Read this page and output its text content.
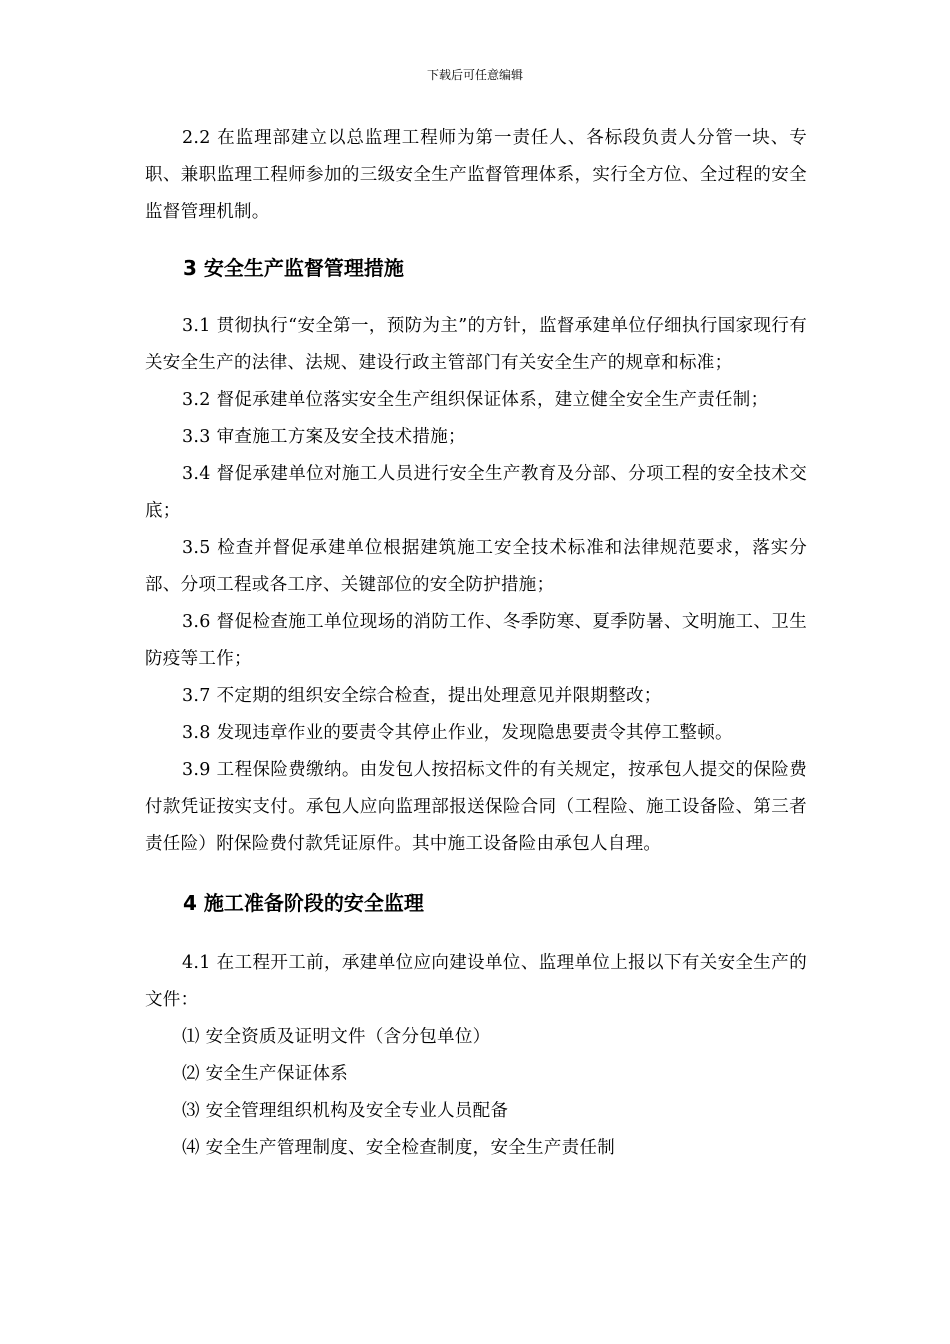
下载后可任意编辑

2.2 在监理部建立以总监理工程师为第一责任人、各标段负责人分管一块、专职、兼职监理工程师参加的三级安全生产监督管理体系，实行全方位、全过程的安全监督管理机制。

3 安全生产监督管理措施

3.1 贯彻执行“安全第一，预防为主”的方针，监督承建单位仔细执行国家现行有关安全生产的法律、法规、建设行政主管部门有关安全生产的规章和标准；

3.2 督促承建单位落实安全生产组织保证体系，建立健全安全生产责任制；

3.3 审查施工方案及安全技术措施；

3.4 督促承建单位对施工人员进行安全生产教育及分部、分项工程的安全技术交底；

3.5 检查并督促承建单位根据建筑施工安全技术标准和法律规范要求，落实分部、分项工程或各工序、关键部位的安全防护措施；

3.6 督促检查施工单位现场的消防工作、冬季防寒、夏季防暑、文明施工、卫生防疫等工作；

3.7 不定期的组织安全综合检查，提出处理意见并限期整改；

3.8 发现违章作业的要责令其停止作业，发现隐患要责令其停工整顿。

3.9 工程保险费缴纳。由发包人按招标文件的有关规定，按承包人提交的保险费付款凭证按实支付。承包人应向监理部报送保险合同（工程险、施工设备险、第三者责任险）附保险费付款凭证原件。其中施工设备险由承包人自理。

4 施工准备阶段的安全监理

4.1 在工程开工前，承建单位应向建设单位、监理单位上报以下有关安全生产的文件：

⑴ 安全资质及证明文件（含分包单位）

⑵ 安全生产保证体系

⑶ 安全管理组织机构及安全专业人员配备

⑷ 安全生产管理制度、安全检查制度，安全生产责任制
